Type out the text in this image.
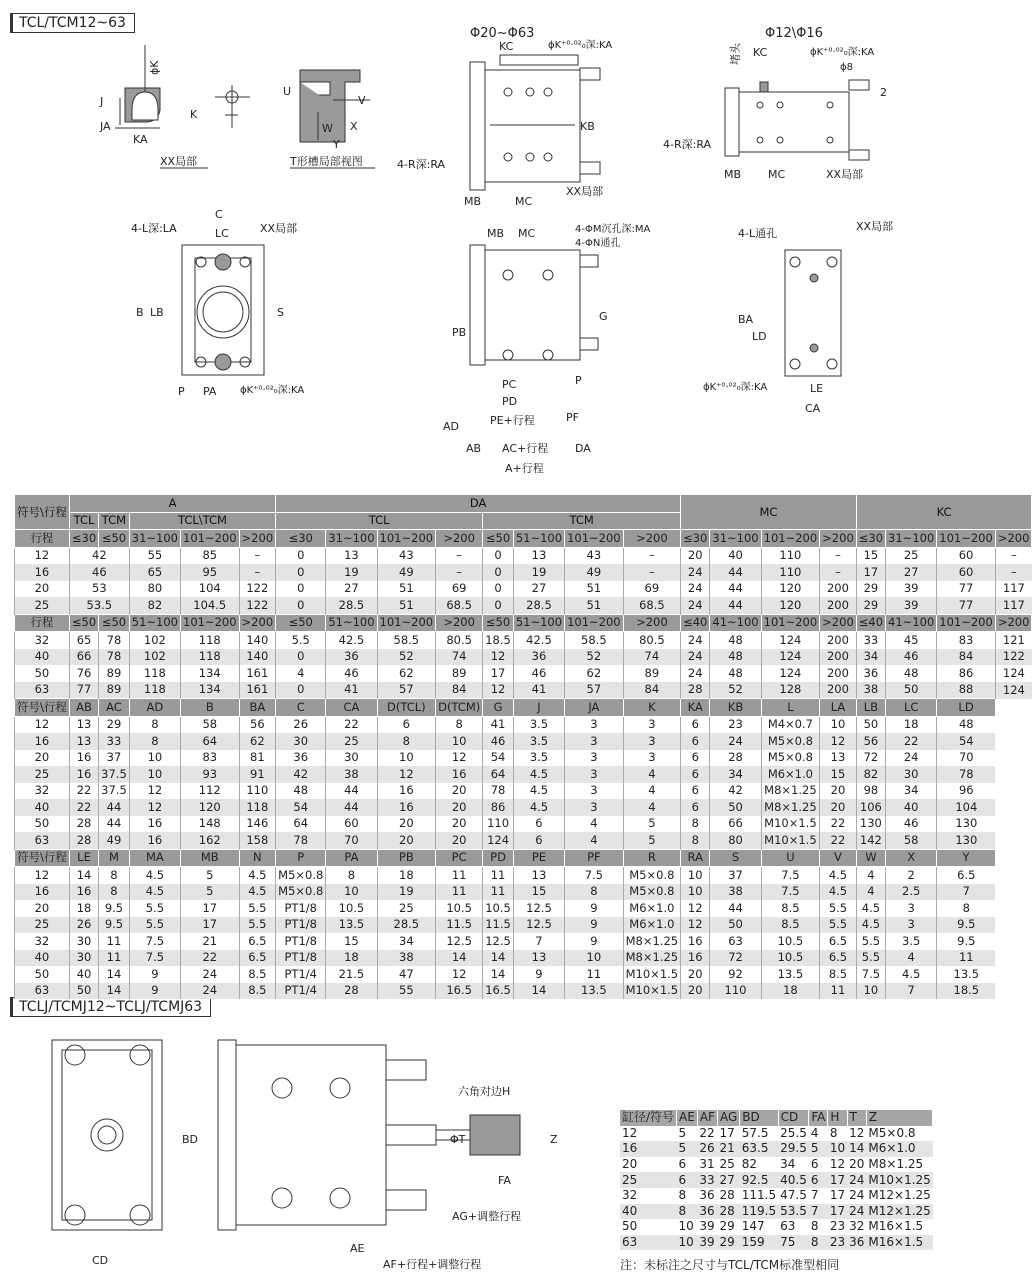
TCL/TCM12~63
TCLJ/TCMJ12~TCLJ/TCMJ63
XX局部
J
JA
KA
K
ϕK
U
W X
Y
V
T形槽局部视图
Φ20~Φ63
KC	ϕK⁺⁰·⁰²₀深:KA
4-R深:RA
MB	MC
KB
XX局部
Φ12\Φ16
KC	ϕK⁺⁰·⁰²₀深:KA
ϕ8
4-R深:RA
MB MC	XX局部
2
堵头
C
LC
4-L深:LA	XX局部
B LB	S
P PA ϕK⁺⁰·⁰²₀深:KA
MB MC	4-ΦM沉孔深:MA
4-ΦN通孔
PC
PD
PE+行程	PF
AD
AB AC+行程 DA
A+行程
P
G
PB
4-L通孔
XX局部
BA
LD
LE
CA
ϕK⁺⁰·⁰²₀深:KA
CD
BD
六角对边H
Z
FA
AG+调整行程
AE
AF+行程+调整行程
ΦT
符号\行程	A					DA								MC				KC			
	TCL	TCM	TCL\TCM			TCL				TCM											
行程	≤30	≤50	31~100	101~200	>200	≤30	31~100	101~200	>200	≤50	51~100	101~200	>200	≤30	31~100	101~200	>200	≤30	31~100	101~200	>200
12	42		55	85	–	0	13	43	–	0	13	43	–	20	40	110	–	15	25	60	–
16	46		65	95	–	0	19	49	–	0	19	49	–	24	44	110	–	17	27	60	–
20	53		80	104	122	0	27	51	69	0	27	51	69	24	44	120	200	29	39	77	117
25	53.5		82	104.5	122	0	28.5	51	68.5	0	28.5	51	68.5	24	44	120	200	29	39	77	117
行程	≤50	≤50	51~100	101~200	>200	≤50	51~100	101~200	>200	≤50	51~100	101~200	>200	≤40	41~100	101~200	>200	≤40	41~100	101~200	>200
32	65	78	102	118	140	5.5	42.5	58.5	80.5	18.5	42.5	58.5	80.5	24	48	124	200	33	45	83	121
40	66	78	102	118	140	0	36	52	74	12	36	52	74	24	48	124	200	34	46	84	122
50	76	89	118	134	161	4	46	62	89	17	46	62	89	24	48	124	200	36	48	86	124
63	77	89	118	134	161	0	41	57	84	12	41	57	84	28	52	128	200	38	50	88	124
符号\行程	AB	AC	AD	B	BA	C	CA	D(TCL)	D(TCM)	G	J	JA	K	KA	KB	L	LA	LB	LC	LD	
12	13	29	8	58	56	26	22	6	8	41	3.5	3	3	6	23	M4×0.7	10	50	18	48	
16	13	33	8	64	62	30	25	8	10	46	3.5	3	3	6	24	M5×0.8	12	56	22	54	
20	16	37	10	83	81	36	30	10	12	54	3.5	3	3	6	28	M5×0.8	13	72	24	70	
25	16	37.5	10	93	91	42	38	12	16	64	4.5	3	4	6	34	M6×1.0	15	82	30	78	
32	22	37.5	12	112	110	48	44	16	20	78	4.5	3	4	6	42	M8×1.25	20	98	34	96	
40	22	44	12	120	118	54	44	16	20	86	4.5	3	4	6	50	M8×1.25	20	106	40	104	
50	28	44	16	148	146	64	60	20	20	110	6	4	5	8	66	M10×1.5	22	130	46	130	
63	28	49	16	162	158	78	70	20	20	124	6	4	5	8	80	M10×1.5	22	142	58	130	
符号\行程	LE	M	MA	MB	N	P	PA	PB	PC	PD	PE	PF	R	RA	S	U	V	W	X	Y	
12	14	8	4.5	5	4.5	M5×0.8	8	18	11	11	13	7.5	M5×0.8	10	37	7.5	4.5	4	2	6.5	
16	16	8	4.5	5	4.5	M5×0.8	10	19	11	11	15	8	M5×0.8	10	38	7.5	4.5	4	2.5	7	
20	18	9.5	5.5	17	5.5	PT1/8	10.5	25	10.5	10.5	12.5	9	M6×1.0	12	44	8.5	5.5	4.5	3	8	
25	26	9.5	5.5	17	5.5	PT1/8	13.5	28.5	11.5	11.5	12.5	9	M6×1.0	12	50	8.5	5.5	4.5	3	9.5	
32	30	11	7.5	21	6.5	PT1/8	15	34	12.5	12.5	7	9	M8×1.25	16	63	10.5	6.5	5.5	3.5	9.5	
40	30	11	7.5	22	6.5	PT1/8	18	38	14	14	13	10	M8×1.25	16	72	10.5	6.5	5.5	4	11	
50	40	14	9	24	8.5	PT1/4	21.5	47	12	14	9	11	M10×1.5	20	92	13.5	8.5	7.5	4.5	13.5	
63	50	14	9	24	8.5	PT1/4	28	55	16.5	16.5	14	13.5	M10×1.5	20	110	18	11	10	7	18.5	
缸径/符号	AE	AF	AG	BD	CD	FA	H	T	Z
12	5	22	17	57.5	25.5	4	8	12	M5×0.8
16	5	26	21	63.5	29.5	5	10	14	M6×1.0
20	6	31	25	82	34	6	12	20	M8×1.25
25	6	33	27	92.5	40.5	6	17	24	M10×1.25
32	8	36	28	111.5	47.5	7	17	24	M12×1.25
40	8	36	28	119.5	53.5	7	17	24	M12×1.25
50	10	39	29	147	63	8	23	32	M16×1.5
63	10	39	29	159	75	8	23	36	M16×1.5
注：未标注之尺寸与TCL/TCM标准型相同
